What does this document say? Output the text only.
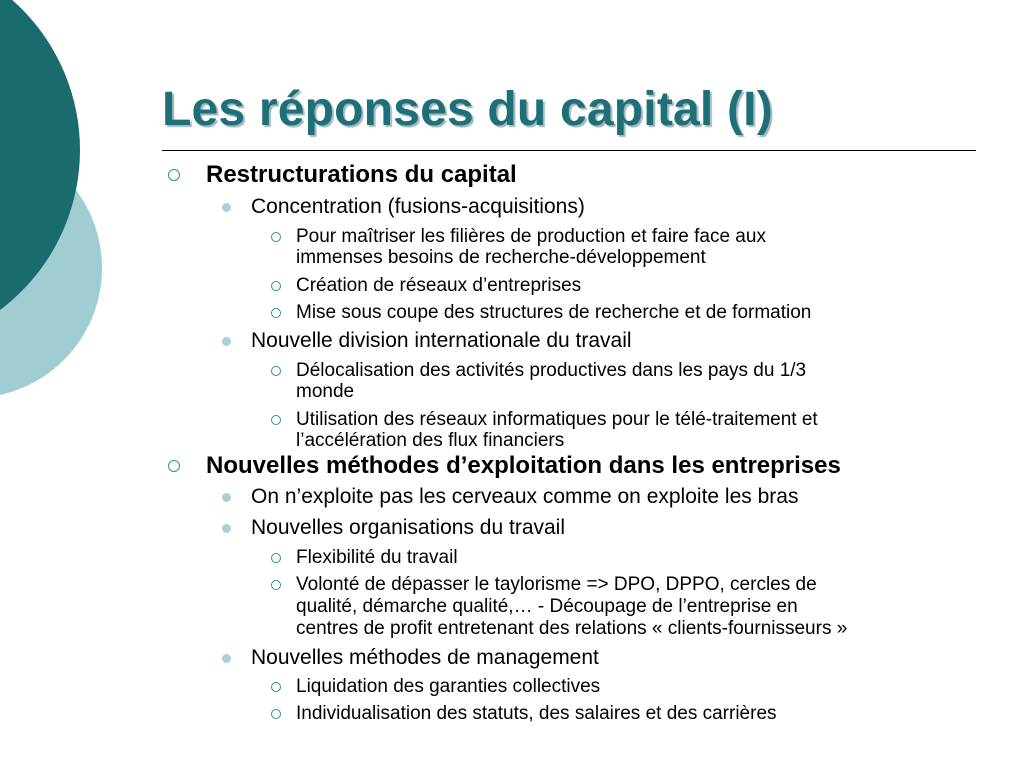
Les réponses du capital (I)
Restructurations du capital
Concentration (fusions-acquisitions)
Pour maîtriser les filières de production et faire face aux
immenses besoins de recherche-développement
Création de réseaux d’entreprises
Mise sous coupe des structures de recherche et de formation
Nouvelle division internationale du travail
Délocalisation des activités productives dans les pays du 1/3
monde
Utilisation des réseaux informatiques pour le télé-traitement et
l’accélération des flux financiers
Nouvelles méthodes d’exploitation dans les entreprises
On n’exploite pas les cerveaux comme on exploite les bras
Nouvelles organisations du travail
Flexibilité du travail
Volonté de dépasser le taylorisme => DPO, DPPO, cercles de
qualité, démarche qualité,… - Découpage de l’entreprise en
centres de profit entretenant des relations « clients-fournisseurs »
Nouvelles méthodes de management
Liquidation des garanties collectives
Individualisation des statuts, des salaires et des carrières
